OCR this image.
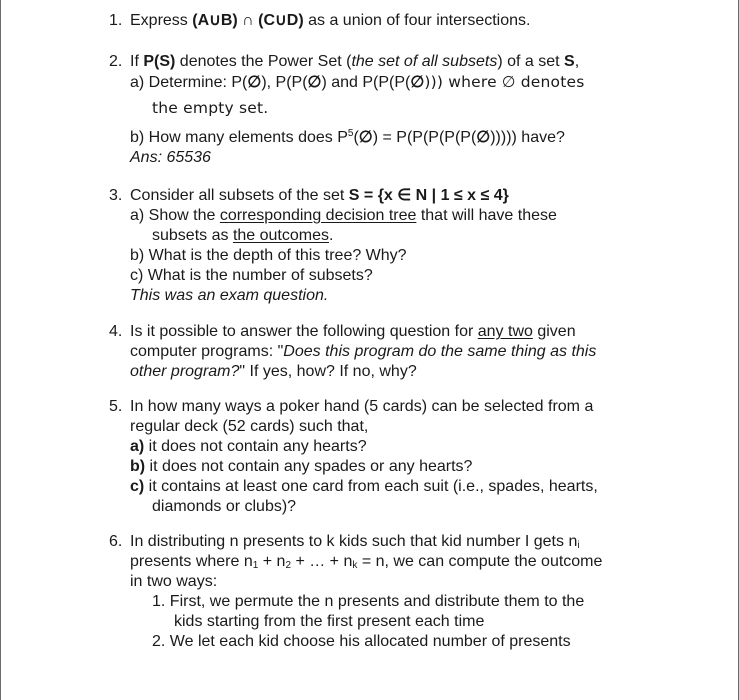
1. Express (A∪B) ∩ (C∪D) as a union of four intersections.
2. If P(S) denotes the Power Set (the set of all subsets) of a set S,
a) Determine: P(∅), P(P(∅) and P(P(P(∅))) where ∅ denotes
the empty set.
b) How many elements does $P^5(\emptyset)$ = P(P(P(P(P(∅))))) have?
Ans: 65536
3. Consider all subsets of the set S = {x ∈ N | 1 ≤ x ≤ 4}
a) Show the corresponding decision tree that will have these
subsets as the outcomes.
b) What is the depth of this tree? Why?
c) What is the number of subsets?
This was an exam question.
4. Is it possible to answer the following question for any two given
computer programs: "Does this program do the same thing as this
other program?" If yes, how? If no, why?
5. In how many ways a poker hand (5 cards) can be selected from a
regular deck (52 cards) such that,
a) it does not contain any hearts?
b) it does not contain any spades or any hearts?
c) it contains at least one card from each suit (i.e., spades, hearts,
diamonds or clubs)?
6. In distributing n presents to k kids such that kid number I gets $n_i$
presents where $n_1 + n_2$ + … + $n_k = n$, we can compute the outcome
in two ways:
1. First, we permute the n presents and distribute them to the
kids starting from the first present each time
2. We let each kid choose his allocated number of presents
